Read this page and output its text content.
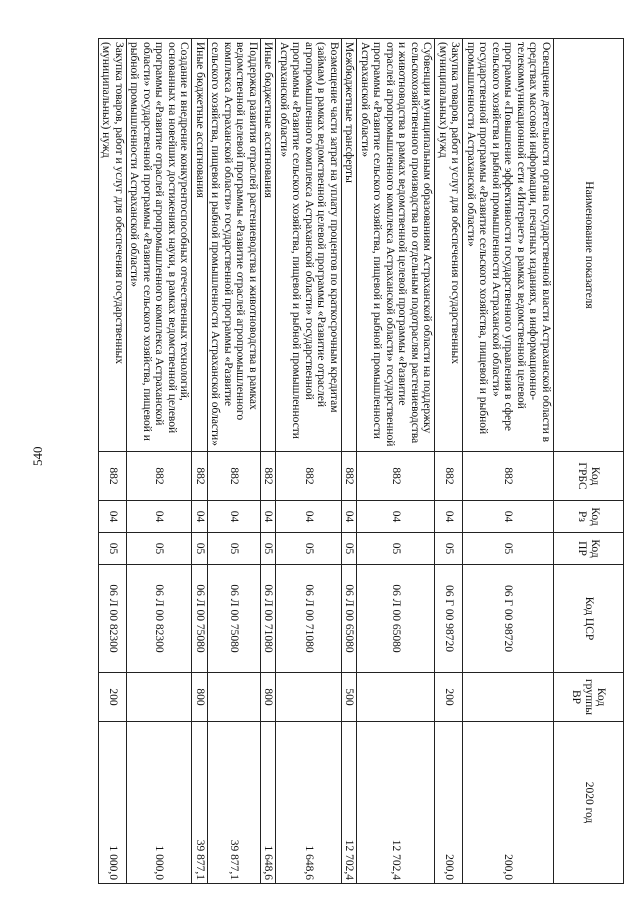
540
Наименование показателя	Код ГРБС	Код Рз	Код ПР	Код ЦСР	Код группы ВР	2020 год
Освещение деятельности органа государственной власти Астраханской области в средствах массовой информации, печатных изданиях, в информационно-телекоммуникационной сети «Интернет» в рамках ведомственной целевой программы «Повышение эффективности государственного управления в сфере сельского хозяйства и рыбной промышленности Астраханской области» государственной программы «Развитие сельского хозяйства, пищевой и рыбной промышленности Астраханской области»	882	04	05	06 Г 00 98720		200,0
Закупка товаров, работ и услуг для обеспечения государственных (муниципальных) нужд	882	04	05	06 Г 00 98720	200	200,0
Субвенции муниципальным образованиям Астраханской области на поддержку сельскохозяйственного производства по отдельным подотраслям растениеводства и животноводства в рамках ведомственной целевой программы «Развитие отраслей агропромышленного комплекса Астраханской области» государственной программы «Развитие сельского хозяйства, пищевой и рыбной промышленности Астраханской области»	882	04	05	06 Л 00 65080		12 702,4
Межбюджетные трансферты	882	04	05	06 Л 00 65080	500	12 702,4
Возмещение части затрат на уплату процентов по краткосрочным кредитам (займам) в рамках ведомственной целевой программы «Развитие отраслей агропромышленного комплекса Астраханской области» государственной программы «Развитие сельского хозяйства, пищевой и рыбной промышленности Астраханской области»	882	04	05	06 Л 00 71080		1 648,6
Иные бюджетные ассигнования	882	04	05	06 Л 00 71080	800	1 648,6
Поддержка развития отраслей растениеводства и животноводства в рамках ведомственной целевой программы «Развитие отраслей агропромышленного комплекса Астраханской области» государственной программы «Развитие сельского хозяйства, пищевой и рыбной промышленности Астраханской области»	882	04	05	06 Л 00 75080		39 877,1
Иные бюджетные ассигнования	882	04	05	06 Л 00 75080	800	39 877,1
Создание и внедрение конкурентоспособных отечественных технологий, основанных на новейших достижениях науки, в рамках ведомственной целевой программы «Развитие отраслей агропромышленного комплекса Астраханской области» государственной программы «Развитие сельского хозяйства, пищевой и рыбной промышленности Астраханской области»	882	04	05	06 Л 00 82300		1 000,0
Закупка товаров, работ и услуг для обеспечения государственных (муниципальных) нужд	882	04	05	06 Л 00 82300	200	1 000,0
